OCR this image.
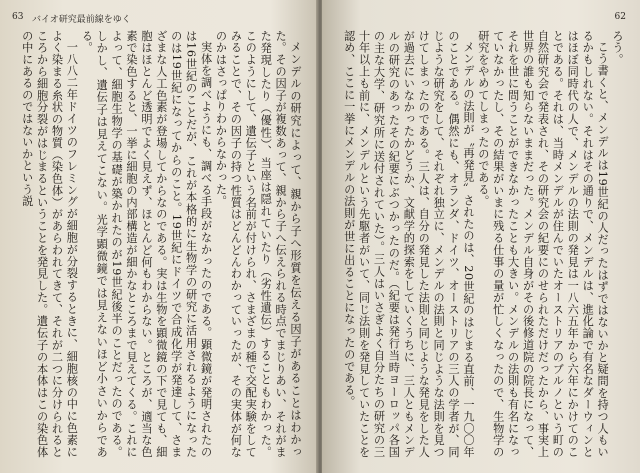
63 バイオ研究最前線をゆく

メンデルの研究によって、親から子へ形質を伝える因子があることはわかった。その因子が複数あって、親から子へ伝えられる時点でまじりあい、それがまた発現したり（優性）、当座は隠れていたり（劣性遺伝）することもわかった。このようにして、遺伝子という名前が付けられ、さまざまの種で交配実験をしてみることで、その因子の持つ性質はどんどんわかっていったが、その実体が何なのかはさっぱりわからなかった。

実体を調べようにも、調べる手段がなかったのである。顕微鏡が発明されたのは16世紀のことだが、これが本格的に生物学の研究に活用されるようになったのは19世紀になってからのこと。19世紀にドイツで合成化学が発達して、さまざまな人工色素が登場してからなのである。実は生物を顕微鏡の下で見ても、細胞はほとんど透明でよく見えず、ほとんど何もわからない。ところが、適当な色素で染色すると、一挙に細胞の内部構造が細かなところまで見えてくる。これによって、細胞生物学の基礎が築かれたのが19世紀後半のことだったのである。しかし、遺伝子は見えてこない。光学顕微鏡では見えないほど小さいからである。

一八八二年ドイツのフレミングが細胞が分裂するときに、細胞核の中に色素によく染まる糸状の物質（染色体）があらわれてきて、それが二つに分けられるところから細胞分裂がはじまるということを発見した。遺伝子の本体はこの染色体の中にあるのではないかという説

62

ろう。

こう書くと、メンデルは19世紀の人だったはずではないかと疑問を持つ人もいるかもしれない。それはその通りで、メンデルは、進化論で有名なダーウィンとはほぼ同時代の人で、メンデルの法則の発見は一八六五年から六年にかけてのことである。それは、当時メンデルが住んでいたオーストリアのブルノという町の自然研究会で発表され、その研究会の紀要にのせられただけだったから、事実上世界の誰も知らないままだった。メンデル自身がその後修道院の院長になって、それを世に問うことができなかったことも大きい。メンデルの法則も有名になっていなかったし、その結果がいまに残る仕事の量が忙しくなったので、生物学の研究をやめてしまったのである。

メンデルの法則が〝再発見〟されたのは、20世紀のはじまる直前、一九〇〇年のことである。偶然にも、オランダ、ドイツ、オーストリアの三人の学者が、同じような研究をして、それぞれ独立に、メンデルの法則と同じような法則を見つけてしまったのである。三人は、自分の発見した法則と同じような発見をした人が過去にいなかったかどうか、文献学的探索をしていくうちに、三人ともメンデルの研究のあったその紀要にぶつかったのだ。（紀要は発行当時ヨーロッパ各国の主な大学、研究所に送付されていた）。三人はいさぎよく自分たちの研究の三十年以上も前に、メンデルという先駆者がいて、同じ法則を発見していたことを認め、ここに一挙にメンデルの法則が世に出ることになったのである。
